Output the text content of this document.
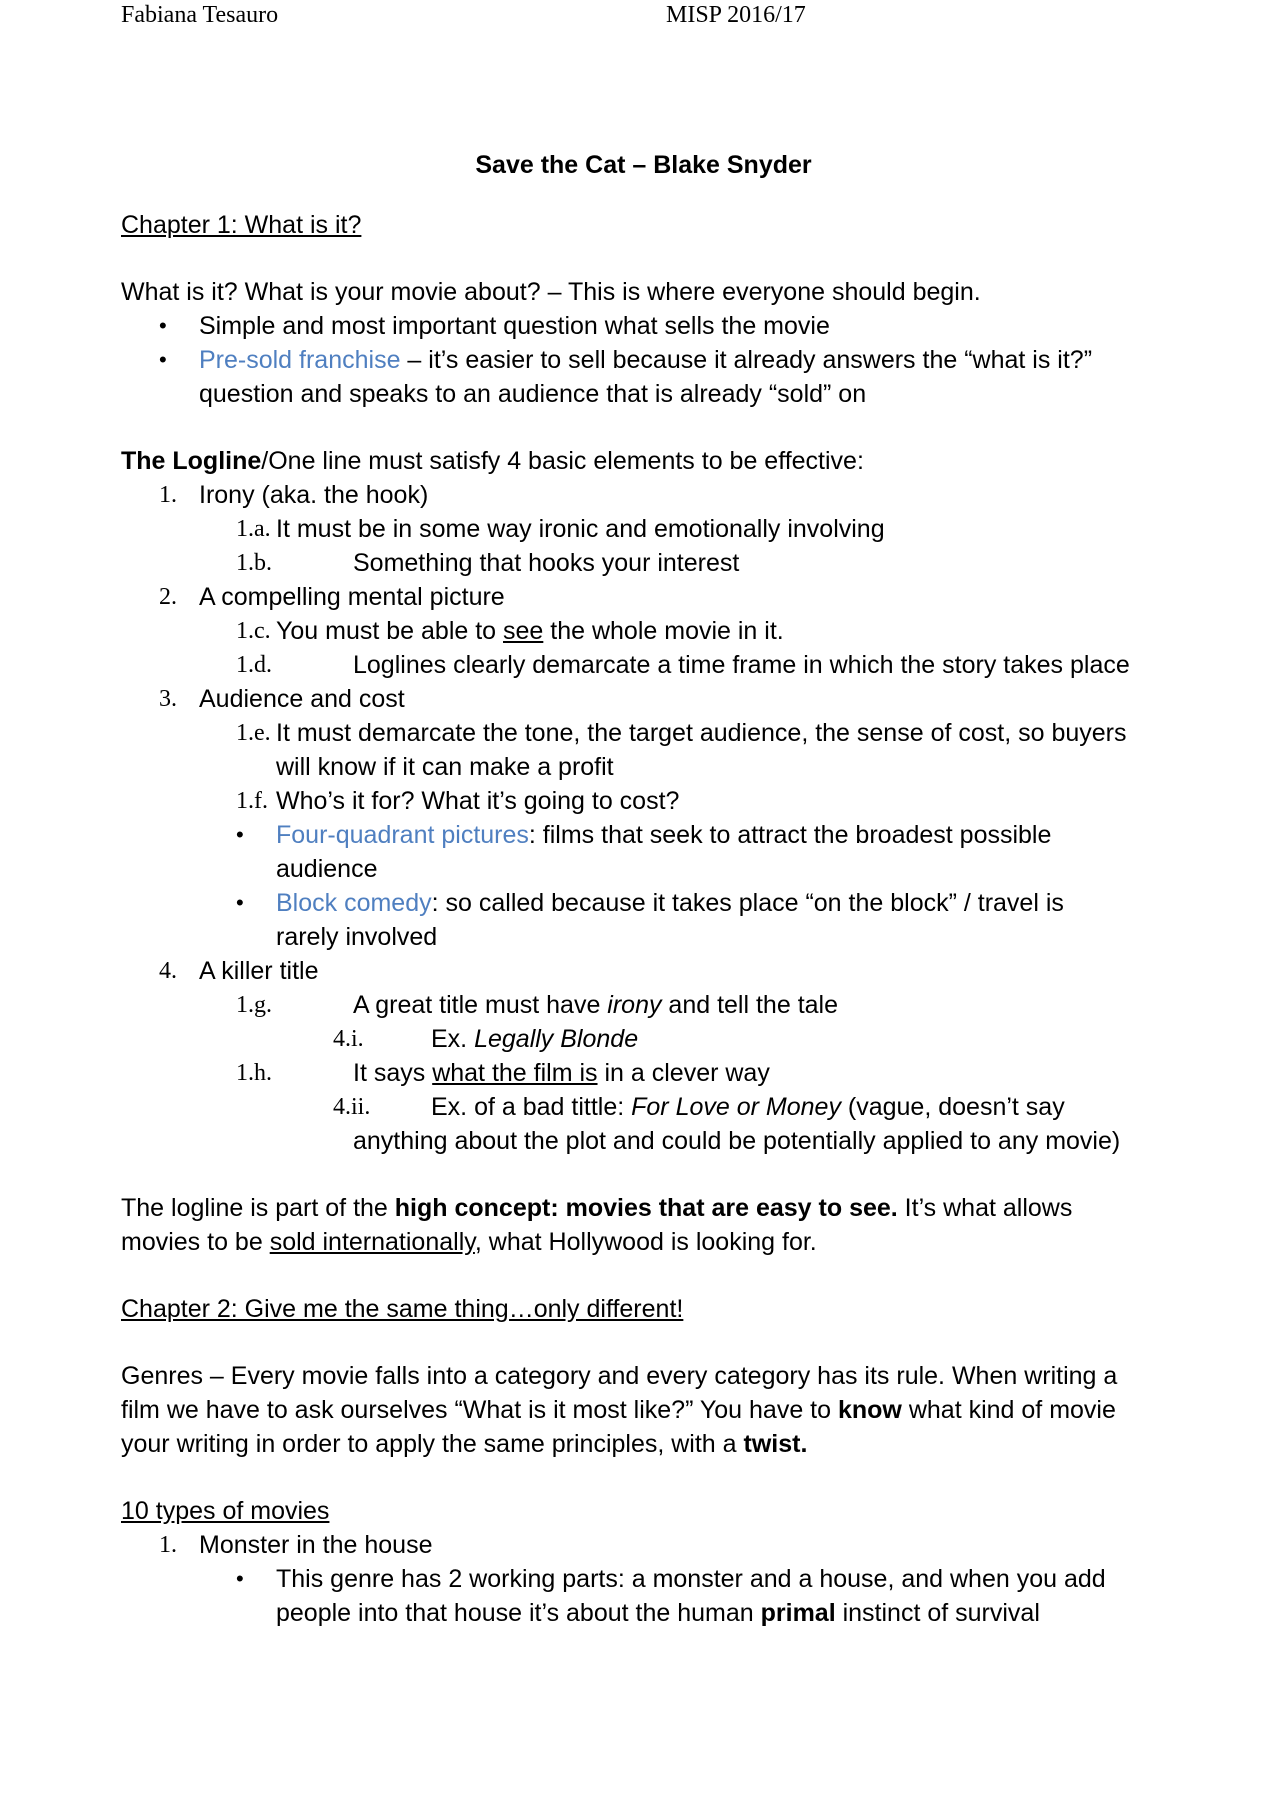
Fabiana Tesauro	MISP 2016/17
Save the Cat – Blake Snyder
Chapter 1: What is it?
What is it? What is your movie about? – This is where everyone should begin.
• Simple and most important question what sells the movie
• Pre-sold franchise – it’s easier to sell because it already answers the “what is it?”
question and speaks to an audience that is already “sold” on
The Logline/One line must satisfy 4 basic elements to be effective:
1. Irony (aka. the hook)
1.a. It must be in some way ironic and emotionally involving
1.b.	Something that hooks your interest
2. A compelling mental picture
1.c. You must be able to see the whole movie in it.
1.d.	Loglines clearly demarcate a time frame in which the story takes place
3. Audience and cost
1.e. It must demarcate the tone, the target audience, the sense of cost, so buyers
will know if it can make a profit
1.f. Who’s it for? What it’s going to cost?
• Four-quadrant pictures: films that seek to attract the broadest possible
audience
• Block comedy: so called because it takes place “on the block” / travel is
rarely involved
4. A killer title
1.g.	A great title must have irony and tell the tale
4.i.	Ex. Legally Blonde
1.h.	It says what the film is in a clever way
4.ii. Ex. of a bad tittle: For Love or Money (vague, doesn’t say
anything about the plot and could be potentially applied to any movie)
The logline is part of the high concept: movies that are easy to see. It’s what allows
movies to be sold internationally, what Hollywood is looking for.
Chapter 2: Give me the same thing…only different!
Genres – Every movie falls into a category and every category has its rule. When writing a
film we have to ask ourselves “What is it most like?” You have to know what kind of movie
your writing in order to apply the same principles, with a twist.
10 types of movies
1. Monster in the house
• This genre has 2 working parts: a monster and a house, and when you add
people into that house it’s about the human primal instinct of survival
